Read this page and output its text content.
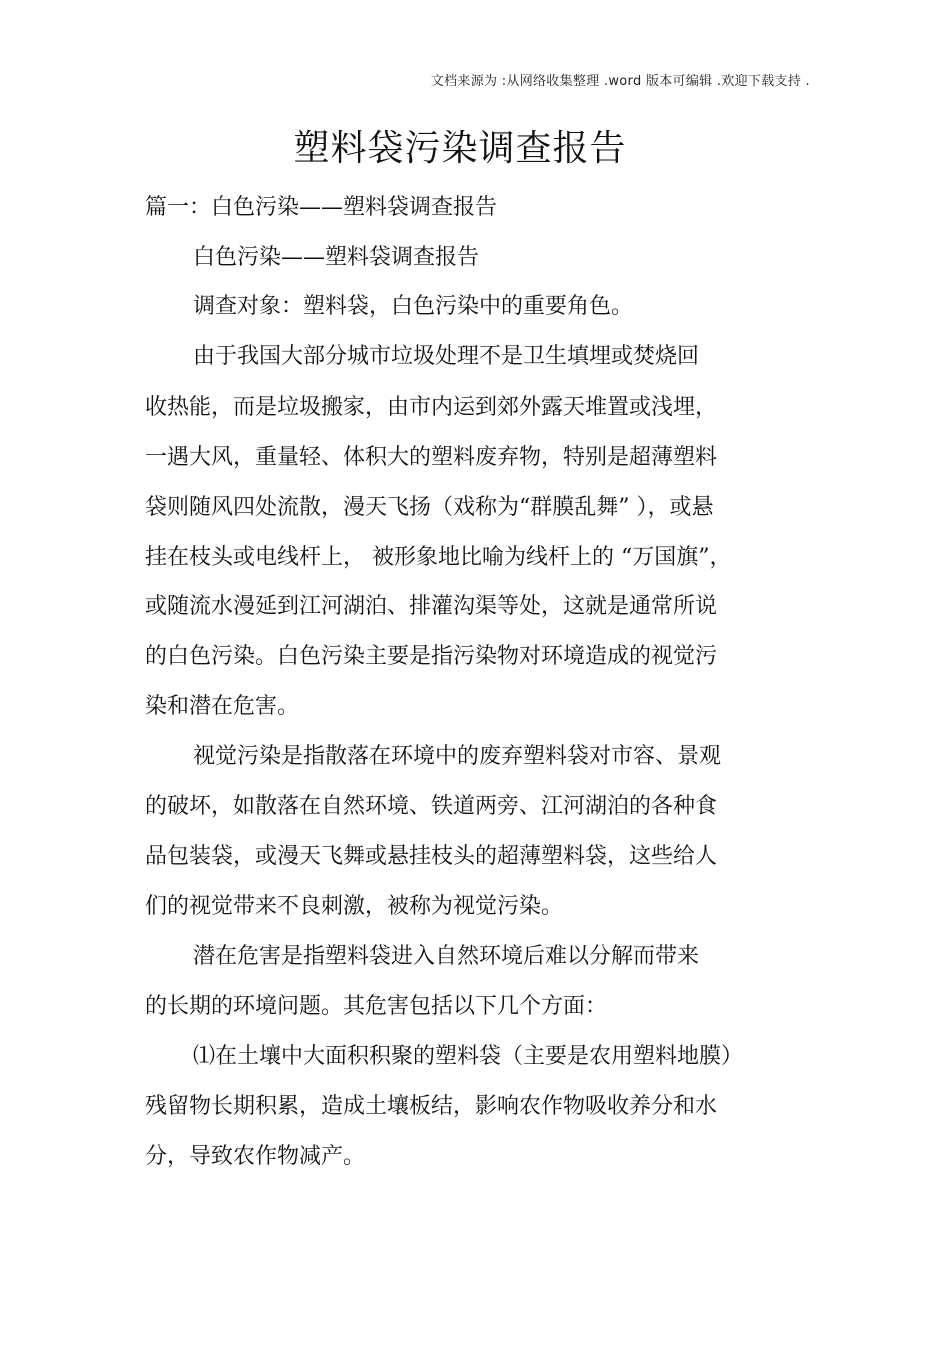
文档来源为 :从网络收集整理 .word 版本可编辑 .欢迎下载支持 .
塑料袋污染调查报告
篇一：白色污染——塑料袋调查报告
白色污染——塑料袋调查报告
调查对象：塑料袋，白色污染中的重要角色。
由于我国大部分城市垃圾处理不是卫生填埋或焚烧回
收热能，而是垃圾搬家，由市内运到郊外露天堆置或浅埋，
一遇大风，重量轻、体积大的塑料废弃物，特别是超薄塑料
袋则随风四处流散，漫天飞扬（戏称为“群膜乱舞” ），或悬
挂在枝头或电线杆上， 被形象地比喻为线杆上的 “万国旗”，
或随流水漫延到江河湖泊、排灌沟渠等处，这就是通常所说
的白色污染。白色污染主要是指污染物对环境造成的视觉污
染和潜在危害。
视觉污染是指散落在环境中的废弃塑料袋对市容、景观
的破坏，如散落在自然环境、铁道两旁、江河湖泊的各种食
品包装袋，或漫天飞舞或悬挂枝头的超薄塑料袋，这些给人
们的视觉带来不良刺激，被称为视觉污染。
潜在危害是指塑料袋进入自然环境后难以分解而带来
的长期的环境问题。其危害包括以下几个方面：
⑴在土壤中大面积积聚的塑料袋（主要是农用塑料地膜）
残留物长期积累，造成土壤板结，影响农作物吸收养分和水
分，导致农作物减产。
